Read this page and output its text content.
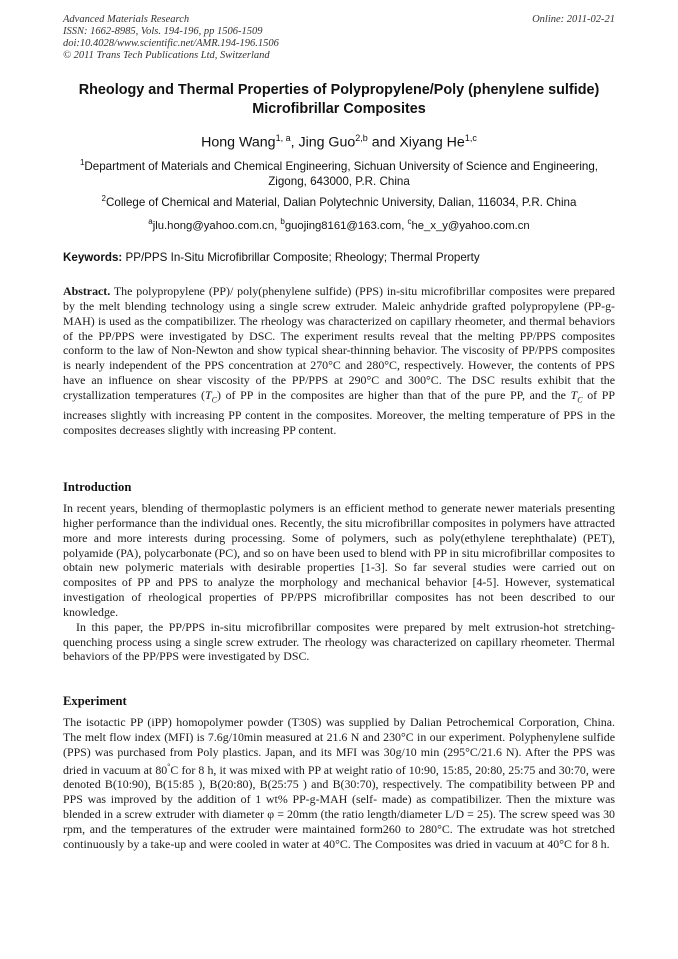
Advanced Materials Research
ISSN: 1662-8985, Vols. 194-196, pp 1506-1509
doi:10.4028/www.scientific.net/AMR.194-196.1506
© 2011 Trans Tech Publications Ltd, Switzerland
Online: 2011-02-21
Rheology and Thermal Properties of Polypropylene/Poly (phenylene sulfide) Microfibrillar Composites
Hong Wang$^{1, a}$, Jing Guo$^{2,b}$ and Xiyang He$^{1,c}$
$^1$Department of Materials and Chemical Engineering, Sichuan University of Science and Engineering, Zigong, 643000, P.R. China
$^2$College of Chemical and Material, Dalian Polytechnic University, Dalian, 116034, P.R. China
$^a$jlu.hong@yahoo.com.cn, $^b$guojing8161@163.com, $^c$he_x_y@yahoo.com.cn
Keywords: PP/PPS In-Situ Microfibrillar Composite; Rheology; Thermal Property
Abstract. The polypropylene (PP)/ poly(phenylene sulfide) (PPS) in-situ microfibrillar composites were prepared by the melt blending technology using a single screw extruder. Maleic anhydride grafted polypropylene (PP-g-MAH) is used as the compatibilizer. The rheology was characterized on capillary rheometer, and thermal behaviors of the PP/PPS were investigated by DSC. The experiment results reveal that the melting PP/PPS composites conform to the law of Non-Newton and show typical shear-thinning behavior. The viscosity of PP/PPS composites is nearly independent of the PPS concentration at 270°C and 280°C, respectively. However, the contents of PPS have an influence on shear viscosity of the PP/PPS at 290°C and 300°C. The DSC results exhibit that the crystallization temperatures $(T_C)$ of PP in the composites are higher than that of the pure PP, and the $T_C$ of PP increases slightly with increasing PP content in the composites. Moreover, the melting temperature of PPS in the composites decreases slightly with increasing PP content.
Introduction

In recent years, blending of thermoplastic polymers is an efficient method to generate newer materials presenting higher performance than the individual ones. Recently, the situ microfibrillar composites in polymers have attracted more and more interests during processing. Some of polymers, such as poly(ethylene terephthalate) (PET), polyamide (PA), polycarbonate (PC), and so on have been used to blend with PP in situ microfibrillar composites to obtain new polymeric materials with desirable properties [1-3]. So far several studies were carried out on composites of PP and PPS to analyze the morphology and mechanical behavior [4-5]. However, systematical investigation of rheological properties of PP/PPS microfibrillar composites has not been described to our knowledge.

In this paper, the PP/PPS in-situ microfibrillar composites were prepared by melt extrusion-hot stretching-quenching process using a single screw extruder. The rheology was characterized on capillary rheometer. Thermal behaviors of the PP/PPS were investigated by DSC.

Experiment

The isotactic PP (iPP) homopolymer powder (T30S) was supplied by Dalian Petrochemical Corporation, China. The melt flow index (MFI) is 7.6g/10min measured at 21.6 N and 230°C in our experiment. Polyphenylene sulfide (PPS) was purchased from Poly plastics. Japan, and its MFI was 30g/10 min (295°C/21.6 N). After the PPS was dried in vacuum at 80°C for 8 h, it was mixed with PP at weight ratio of 10:90, 15:85, 20:80, 25:75 and 30:70, were denoted B(10:90), B(15:85 ), B(20:80), B(25:75 ) and B(30:70), respectively. The compatibility between PP and PPS was improved by the addition of 1 wt% PP-g-MAH (self- made) as compatibilizer. Then the mixture was blended in a screw extruder with diameter φ = 20mm (the ratio length/diameter L/D = 25). The screw speed was 30 rpm, and the temperatures of the extruder were maintained form260 to 280°C. The extrudate was hot stretched continuously by a take-up and were cooled in water at 40°C. The Composites was dried in vacuum at 40°C for 8 h.
